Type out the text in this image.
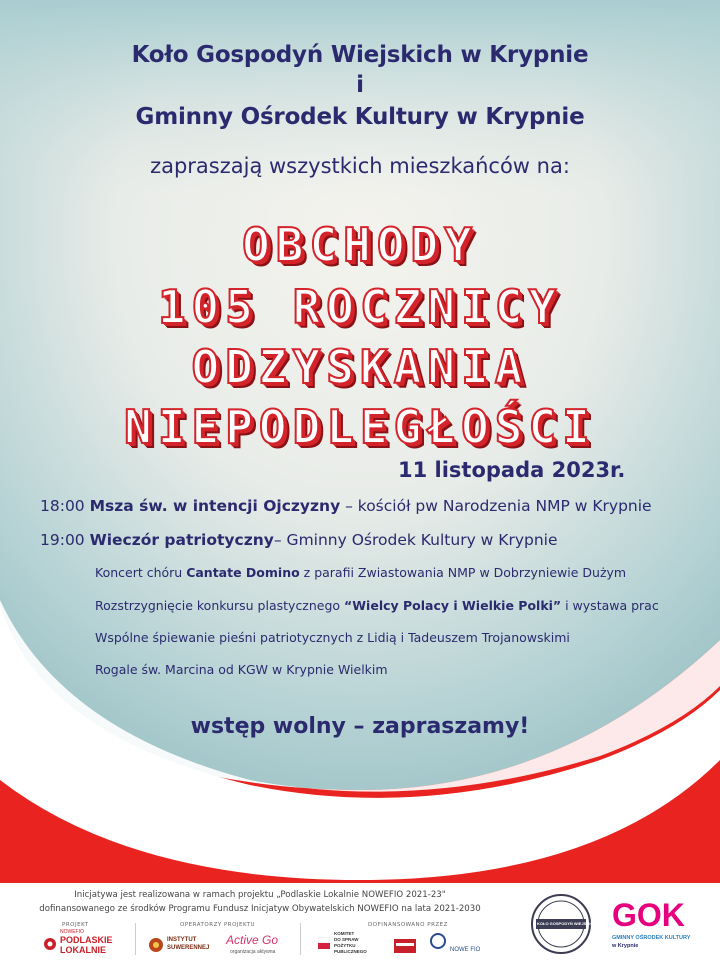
Koło Gospodyń Wiejskich w Krypnie
i
Gminny Ośrodek Kultury w Krypnie
zapraszają wszystkich mieszkańców na:
OBCHODY
105 ROCZNICY
ODZYSKANIA
NIEPODLEGŁOŚCI
11 listopada 2023r.
18:00 Msza św. w intencji Ojczyzny – kościół pw Narodzenia NMP w Krypnie
19:00 Wieczór patriotyczny– Gminny Ośrodek Kultury w Krypnie
Koncert chóru Cantate Domino z parafii Zwiastowania NMP w Dobrzyniewie Dużym
Rozstrzygnięcie konkursu plastycznego “Wielcy Polacy i Wielkie Polki” i wystawa prac
Wspólne śpiewanie pieśni patriotycznych z Lidią i Tadeuszem Trojanowskimi
Rogale św. Marcina od KGW w Krypnie Wielkim
wstęp wolny – zapraszamy!
Inicjatywa jest realizowana w ramach projektu „Podlaskie Lokalnie NOWEFIO 2021-23"
dofinansowanego ze środków Programu Fundusz Inicjatyw Obywatelskich NOWEFIO na lata 2021-2030
PROJEKT	OPERATORZY PROJEKTU	DOFINANSOWANO PRZEZ
NOWEFIO
PODLASKIE
LOKALNIE
INSTYTUT
SUWERENNEJ
Active Go
organizacja aktywna
KOMITET
DO SPRAW
POŻYTKU
PUBLICZNEGO	NOWE FIO
KOŁO GOSPODYŃ WIEJSKICH GOK
GMINNY OŚRODEK KULTURY
w Krypnie
